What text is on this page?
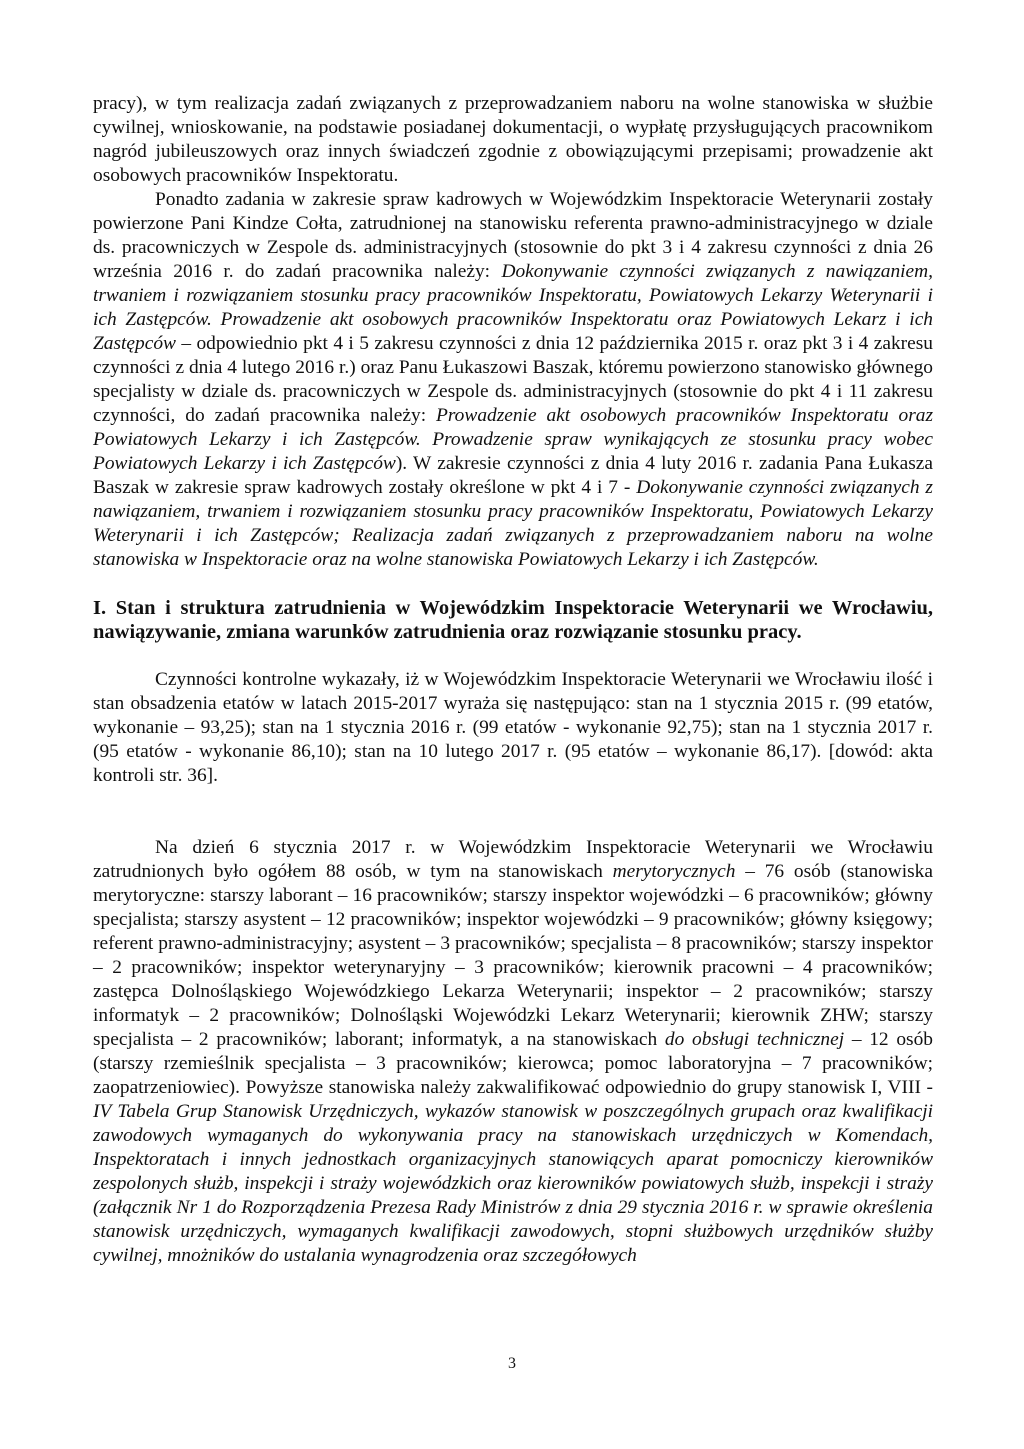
pracy), w tym realizacja zadań związanych z przeprowadzaniem naboru na wolne stanowiska w służbie cywilnej, wnioskowanie, na podstawie posiadanej dokumentacji, o wypłatę przysługujących pracownikom nagród jubileuszowych oraz innych świadczeń zgodnie z obowiązującymi przepisami; prowadzenie akt osobowych pracowników Inspektoratu.

Ponadto zadania w zakresie spraw kadrowych w Wojewódzkim Inspektoracie Weterynarii zostały powierzone Pani Kindze Cołta, zatrudnionej na stanowisku referenta prawno-administracyjnego w dziale ds. pracowniczych w Zespole ds. administracyjnych (stosownie do pkt 3 i 4 zakresu czynności z dnia 26 września 2016 r. do zadań pracownika należy: Dokonywanie czynności związanych z nawiązaniem, trwaniem i rozwiązaniem stosunku pracy pracowników Inspektoratu, Powiatowych Lekarzy Weterynarii i ich Zastępców. Prowadzenie akt osobowych pracowników Inspektoratu oraz Powiatowych Lekarz i ich Zastępców – odpowiednio pkt 4 i 5 zakresu czynności z dnia 12 października 2015 r. oraz pkt 3 i 4 zakresu czynności z dnia 4 lutego 2016 r.) oraz Panu Łukaszowi Baszak, któremu powierzono stanowisko głównego specjalisty w dziale ds. pracowniczych w Zespole ds. administracyjnych (stosownie do pkt 4 i 11 zakresu czynności, do zadań pracownika należy: Prowadzenie akt osobowych pracowników Inspektoratu oraz Powiatowych Lekarzy i ich Zastępców. Prowadzenie spraw wynikających ze stosunku pracy wobec Powiatowych Lekarzy i ich Zastępców). W zakresie czynności z dnia 4 luty 2016 r. zadania Pana Łukasza Baszak w zakresie spraw kadrowych zostały określone w pkt 4 i 7 - Dokonywanie czynności związanych z nawiązaniem, trwaniem i rozwiązaniem stosunku pracy pracowników Inspektoratu, Powiatowych Lekarzy Weterynarii i ich Zastępców; Realizacja zadań związanych z przeprowadzaniem naboru na wolne stanowiska w Inspektoracie oraz na wolne stanowiska Powiatowych Lekarzy i ich Zastępców.

I. Stan i struktura zatrudnienia w Wojewódzkim Inspektoracie Weterynarii we Wrocławiu, nawiązywanie, zmiana warunków zatrudnienia oraz rozwiązanie stosunku pracy.

Czynności kontrolne wykazały, iż w Wojewódzkim Inspektoracie Weterynarii we Wrocławiu ilość i stan obsadzenia etatów w latach 2015-2017 wyraża się następująco: stan na 1 stycznia 2015 r. (99 etatów, wykonanie – 93,25); stan na 1 stycznia 2016 r. (99 etatów - wykonanie 92,75); stan na 1 stycznia 2017 r. (95 etatów - wykonanie 86,10); stan na 10 lutego 2017 r. (95 etatów – wykonanie 86,17). [dowód: akta kontroli str. 36].

Na dzień 6 stycznia 2017 r. w Wojewódzkim Inspektoracie Weterynarii we Wrocławiu zatrudnionych było ogółem 88 osób, w tym na stanowiskach merytorycznych – 76 osób (stanowiska merytoryczne: starszy laborant – 16 pracowników; starszy inspektor wojewódzki – 6 pracowników; główny specjalista; starszy asystent – 12 pracowników; inspektor wojewódzki – 9 pracowników; główny księgowy; referent prawno-administracyjny; asystent – 3 pracowników; specjalista – 8 pracowników; starszy inspektor – 2 pracowników; inspektor weterynaryjny – 3 pracowników; kierownik pracowni – 4 pracowników; zastępca Dolnośląskiego Wojewódzkiego Lekarza Weterynarii; inspektor – 2 pracowników; starszy informatyk – 2 pracowników; Dolnośląski Wojewódzki Lekarz Weterynarii; kierownik ZHW; starszy specjalista – 2 pracowników; laborant; informatyk, a na stanowiskach do obsługi technicznej – 12 osób (starszy rzemieślnik specjalista – 3 pracowników; kierowca; pomoc laboratoryjna – 7 pracowników; zaopatrzeniowiec). Powyższe stanowiska należy zakwalifikować odpowiednio do grupy stanowisk I, VIII - IV Tabela Grup Stanowisk Urzędniczych, wykazów stanowisk w poszczególnych grupach oraz kwalifikacji zawodowych wymaganych do wykonywania pracy na stanowiskach urzędniczych w Komendach, Inspektoratach i innych jednostkach organizacyjnych stanowiących aparat pomocniczy kierowników zespolonych służb, inspekcji i straży wojewódzkich oraz kierowników powiatowych służb, inspekcji i straży (załącznik Nr 1 do Rozporządzenia Prezesa Rady Ministrów z dnia 29 stycznia 2016 r. w sprawie określenia stanowisk urzędniczych, wymaganych kwalifikacji zawodowych, stopni służbowych urzędników służby cywilnej, mnożników do ustalania wynagrodzenia oraz szczegółowych

3
